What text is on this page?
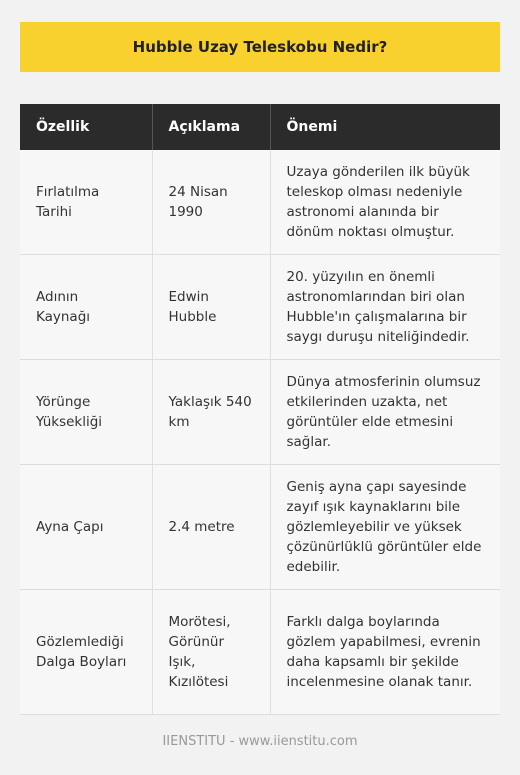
Hubble Uzay Teleskobu Nedir?
Özellik	Açıklama	Önemi
Fırlatılma Tarihi	24 Nisan 1990	Uzaya gönderilen ilk büyük teleskop olması nedeniyle astronomi alanında bir dönüm noktası olmuştur.
Adının Kaynağı	Edwin Hubble	20. yüzyılın en önemli astronomlarından biri olan Hubble'ın çalışmalarına bir saygı duruşu niteliğindedir.
Yörünge Yüksekliği	Yaklaşık 540 km	Dünya atmosferinin olumsuz etkilerinden uzakta, net görüntüler elde etmesini sağlar.
Ayna Çapı	2.4 metre	Geniş ayna çapı sayesinde zayıf ışık kaynaklarını bile gözlemleyebilir ve yüksek çözünürlüklü görüntüler elde edebilir.
Gözlemlediği Dalga Boyları	Morötesi, Görünür Işık, Kızılötesi	Farklı dalga boylarında gözlem yapabilmesi, evrenin daha kapsamlı bir şekilde incelenmesine olanak tanır.
IIENSTITU - www.iienstitu.com
